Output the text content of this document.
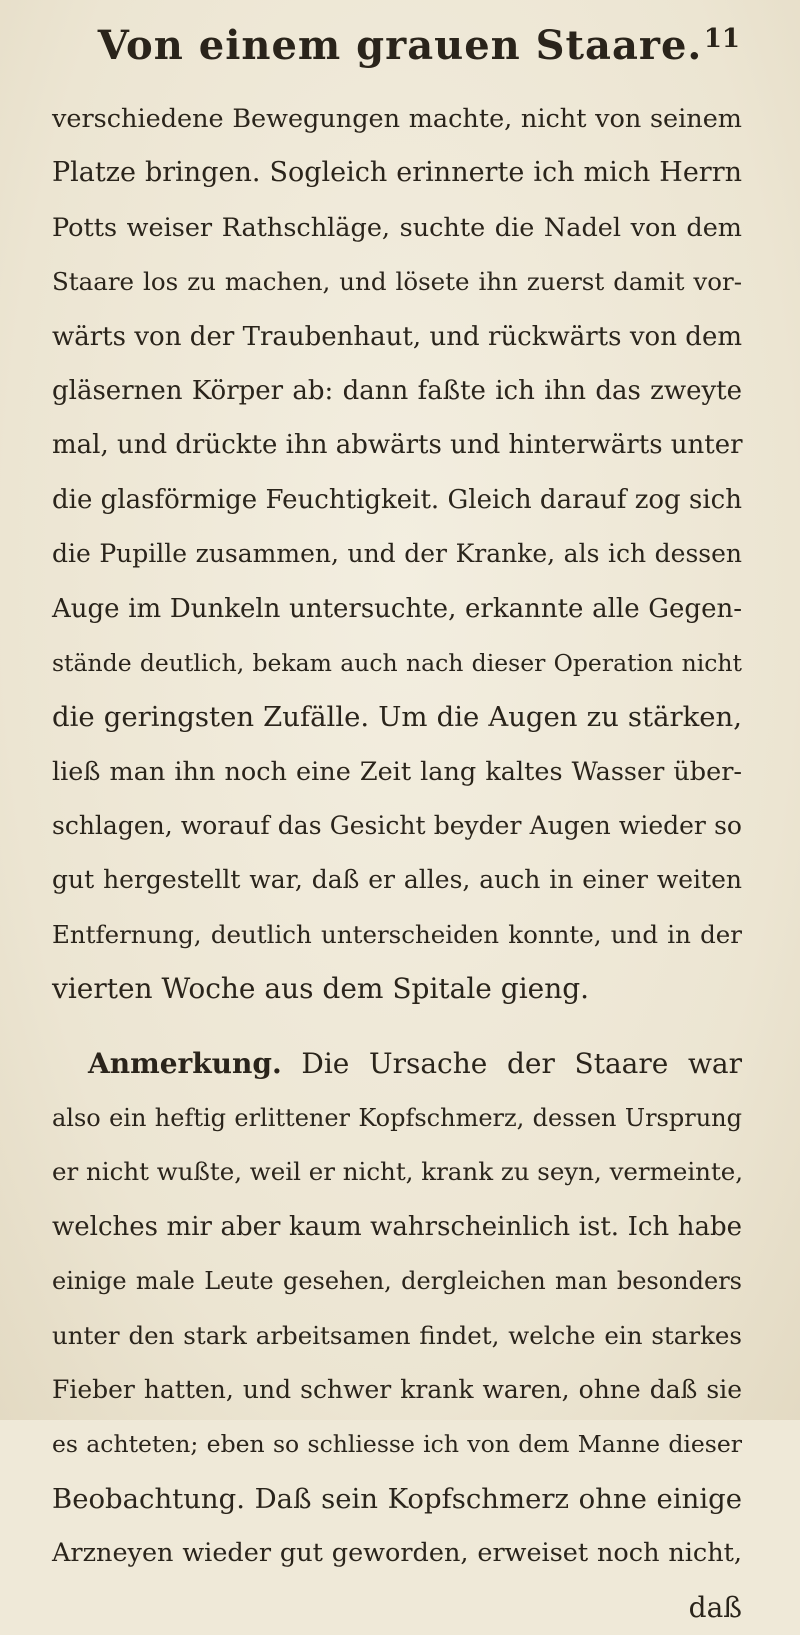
Von einem grauen Staare. 11
verschiedene Bewegungen machte, nicht von seinem
Platze bringen. Sogleich erinnerte ich mich Herrn
Potts weiser Rathschläge, suchte die Nadel von dem
Staare los zu machen, und lösete ihn zuerst damit vor-
wärts von der Traubenhaut, und rückwärts von dem
gläsernen Körper ab: dann faßte ich ihn das zweyte
mal, und drückte ihn abwärts und hinterwärts unter
die glasförmige Feuchtigkeit. Gleich darauf zog sich
die Pupille zusammen, und der Kranke, als ich dessen
Auge im Dunkeln untersuchte, erkannte alle Gegen-
stände deutlich, bekam auch nach dieser Operation nicht
die geringsten Zufälle. Um die Augen zu stärken,
ließ man ihn noch eine Zeit lang kaltes Wasser über-
schlagen, worauf das Gesicht beyder Augen wieder so
gut hergestellt war, daß er alles, auch in einer weiten
Entfernung, deutlich unterscheiden konnte, und in der
vierten Woche aus dem Spitale gieng.
Anmerkung. Die Ursache der Staare war
also ein heftig erlittener Kopfschmerz, dessen Ursprung
er nicht wußte, weil er nicht, krank zu seyn, vermeinte,
welches mir aber kaum wahrscheinlich ist. Ich habe
einige male Leute gesehen, dergleichen man besonders
unter den stark arbeitsamen findet, welche ein starkes
Fieber hatten, und schwer krank waren, ohne daß sie
es achteten; eben so schliesse ich von dem Manne dieser
Beobachtung. Daß sein Kopfschmerz ohne einige
Arzneyen wieder gut geworden, erweiset noch nicht,
daß
